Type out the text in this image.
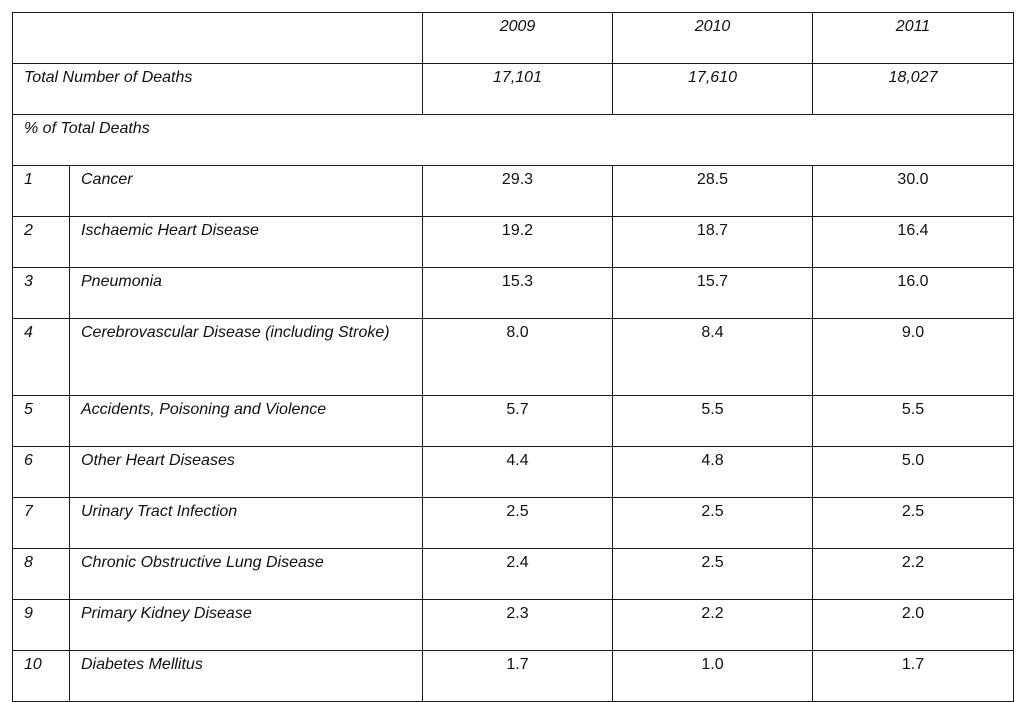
		2009	2010	2011
Total Number of Deaths		17,101	17,610	18,027
% of Total Deaths				
1	Cancer	29.3	28.5	30.0
2	Ischaemic Heart Disease	19.2	18.7	16.4
3	Pneumonia	15.3	15.7	16.0
4	Cerebrovascular Disease (including Stroke)	8.0	8.4	9.0
5	Accidents, Poisoning and Violence	5.7	5.5	5.5
6	Other Heart Diseases	4.4	4.8	5.0
7	Urinary Tract Infection	2.5	2.5	2.5
8	Chronic Obstructive Lung Disease	2.4	2.5	2.2
9	Primary Kidney Disease	2.3	2.2	2.0
10	Diabetes Mellitus	1.7	1.0	1.7
